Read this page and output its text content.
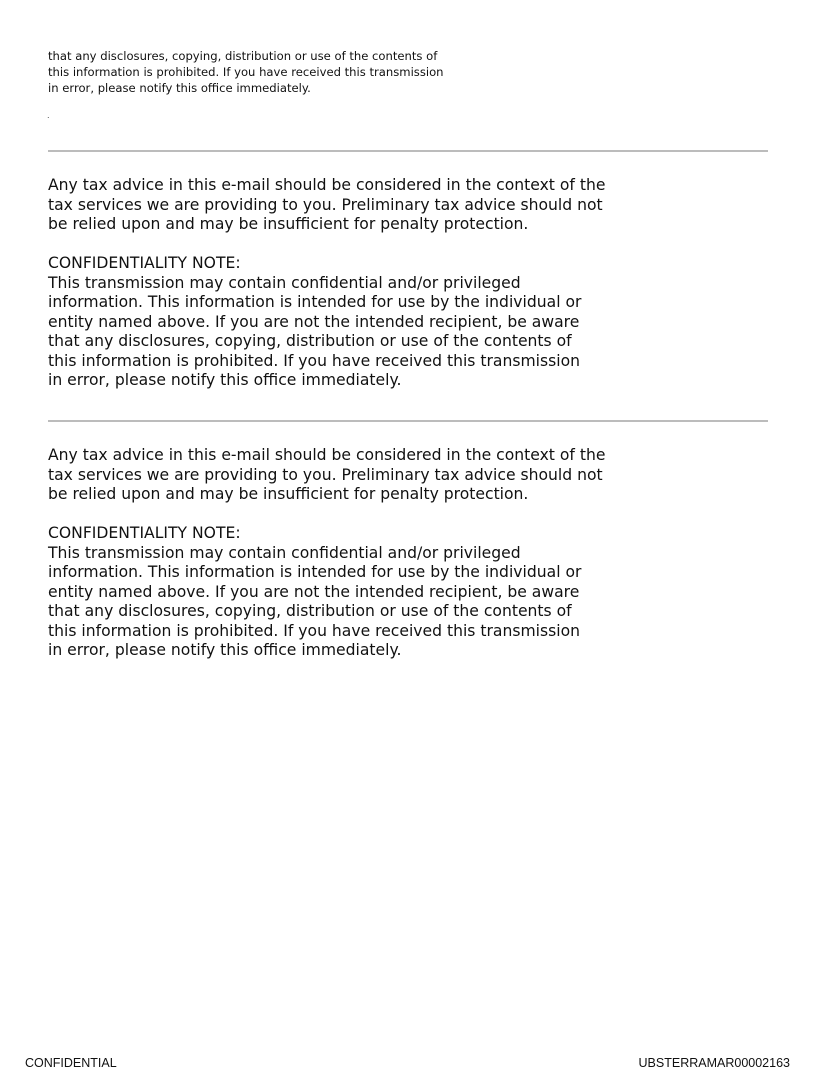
that any disclosures, copying, distribution or use of the contents of
this information is prohibited. If you have received this transmission
in error, please notify this office immediately.
.
Any tax advice in this e-mail should be considered in the context of the
tax services we are providing to you. Preliminary tax advice should not
be relied upon and may be insufficient for penalty protection.
CONFIDENTIALITY NOTE:
This transmission may contain confidential and/or privileged
information. This information is intended for use by the individual or
entity named above. If you are not the intended recipient, be aware
that any disclosures, copying, distribution or use of the contents of
this information is prohibited. If you have received this transmission
in error, please notify this office immediately.
Any tax advice in this e-mail should be considered in the context of the
tax services we are providing to you. Preliminary tax advice should not
be relied upon and may be insufficient for penalty protection.
CONFIDENTIALITY NOTE:
This transmission may contain confidential and/or privileged
information. This information is intended for use by the individual or
entity named above. If you are not the intended recipient, be aware
that any disclosures, copying, distribution or use of the contents of
this information is prohibited. If you have received this transmission
in error, please notify this office immediately.
CONFIDENTIAL	UBSTERRAMAR00002163
